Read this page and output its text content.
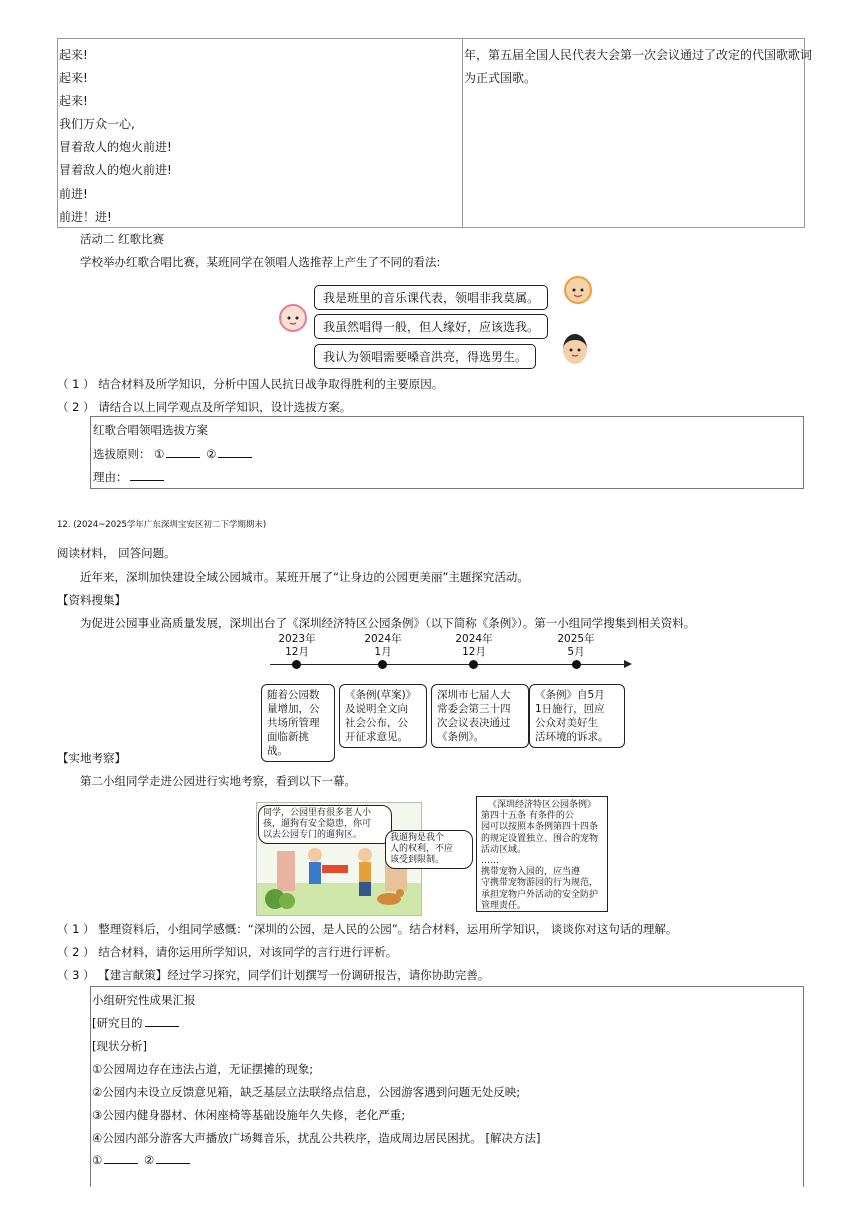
起来!
起来!
起来!
我们万众一心,
冒着敌人的炮火前进!
冒着敌人的炮火前进!
前进!
前进！进!
年，第五届全国人民代表大会第一次会议通过了改定的代国歌歌词
为正式国歌。
活动二 红歌比赛
学校举办红歌合唱比赛，某班同学在领唱人选推荐上产生了不同的看法:
我是班里的音乐课代表，领唱非我莫属。
我虽然唱得一般，但人缘好，应该选我。
我认为领唱需要嗓音洪亮，得选男生。
（ 1 ） 结合材料及所学知识，分析中国人民抗日战争取得胜利的主要原因。
（ 2 ） 请结合以上同学观点及所学知识，设计选拔方案。
红歌合唱领唱选拔方案
选拔原则： ①	②
理由：
12. (2024~2025学年广东深圳宝安区初二下学期期末)
阅读材料， 回答问题。
近年来，深圳加快建设全域公园城市。某班开展了“让身边的公园更美丽”主题探究活动。
【资料搜集】
为促进公园事业高质量发展，深圳出台了《深圳经济特区公园条例》（以下简称《条例》）。第一小组同学搜集到相关资料。
2023年
12月
2024年
1月
2024年
12月
2025年
5月
随着公园数
量增加，公
共场所管理
面临新挑战。
《条例(草案)》
及说明全文向
社会公布，公
开征求意见。
深圳市七届人大
常委会第三十四
次会议表决通过
《条例》。
《条例》自5月
1日施行，回应
公众对美好生
活环境的诉求。
【实地考察】
第二小组同学走进公园进行实地考察，看到以下一幕。
同学，公园里有很多老人小
孩，遛狗有安全隐患，你可
以去公园专门的遛狗区。	我遛狗是我个
人的权利，不应
该受到限制。
《深圳经济特区公园条例》
第四十五条 有条件的公
园可以按照本条例第四十四条
的规定设置独立、围合的宠物
活动区域。
……
携带宠物入园的，应当遵
守携带宠物游园的行为规范，
承担宠物户外活动的安全防护
管理责任。
（ 1 ） 整理资料后，小组同学感慨：“深圳的公园，是人民的公园”。结合材料，运用所学知识， 谈谈你对这句话的理解。
（ 2 ） 结合材料，请你运用所学知识，对该同学的言行进行评析。
（ 3 ） 【建言献策】经过学习探究，同学们计划撰写一份调研报告，请你协助完善。
小组研究性成果汇报
[研究目的
[现状分析]
①公园周边存在违法占道，无证摆摊的现象;
②公园内未设立反馈意见箱，缺乏基层立法联络点信息，公园游客遇到问题无处反映;
③公园内健身器材、休闲座椅等基础设施年久失修，老化严重;
④公园内部分游客大声播放广场舞音乐，扰乱公共秩序，造成周边居民困扰。 [解决方法]
①	②
